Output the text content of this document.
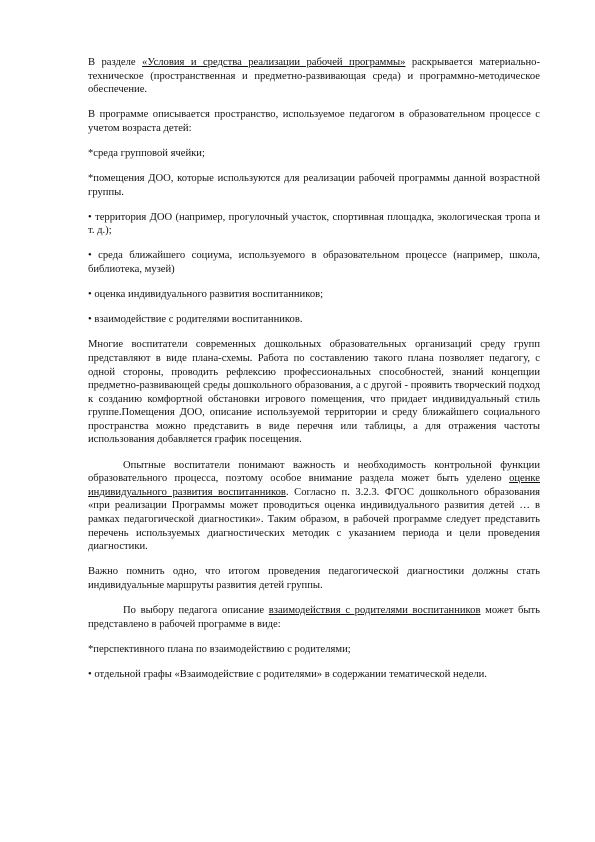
В разделе «Условия и средства реализации рабочей программы» раскрывается материально-техническое (пространственная и предметно-развивающая среда) и программно-методическое обеспечение.

В программе описывается пространство, используемое педагогом в образовательном процессе с учетом возраста детей:

*среда групповой ячейки;

*помещения ДОО, которые используются для реализации рабочей программы данной возрастной группы.

• территория ДОО (например, прогулочный участок, спортивная площадка, экологическая тропа и т. д.);

• среда ближайшего социума, используемого в образовательном процессе (например, школа, библиотека, музей)

• оценка индивидуального развития воспитанников;

• взаимодействие с родителями воспитанников.

Многие воспитатели современных дошкольных образовательных организаций среду групп представляют в виде плана-схемы. Работа по составлению такого плана позволяет педагогу, с одной стороны, проводить рефлексию профессиональных способностей, знаний концепции предметно-развивающей среды дошкольного образования, а с другой - проявить творческий подход к созданию комфортной обстановки игрового помещения, что придает индивидуальный стиль группе.Помещения ДОО, описание используемой территории и среду ближайшего социального пространства можно представить в виде перечня или таблицы, а для отражения частоты использования добавляется график посещения.

Опытные воспитатели понимают важность и необходимость контрольной функции образовательного процесса, поэтому особое внимание раздела может быть уделено оценке индивидуального развития воспитанников. Согласно п. 3.2.3. ФГОС дошкольного образования «при реализации Программы может проводиться оценка индивидуального развития детей … в рамках педагогической диагностики». Таким образом, в рабочей программе следует представить перечень используемых диагностических методик с указанием периода и цели проведения диагностики.

Важно помнить одно, что итогом проведения педагогической диагностики должны стать индивидуальные маршруты развития детей группы.

По выбору педагога описание взаимодействия с родителями воспитанников может быть представлено в рабочей программе в виде:

*перспективного плана по взаимодействию с родителями;

• отдельной графы «Взаимодействие с родителями» в содержании тематической недели.
